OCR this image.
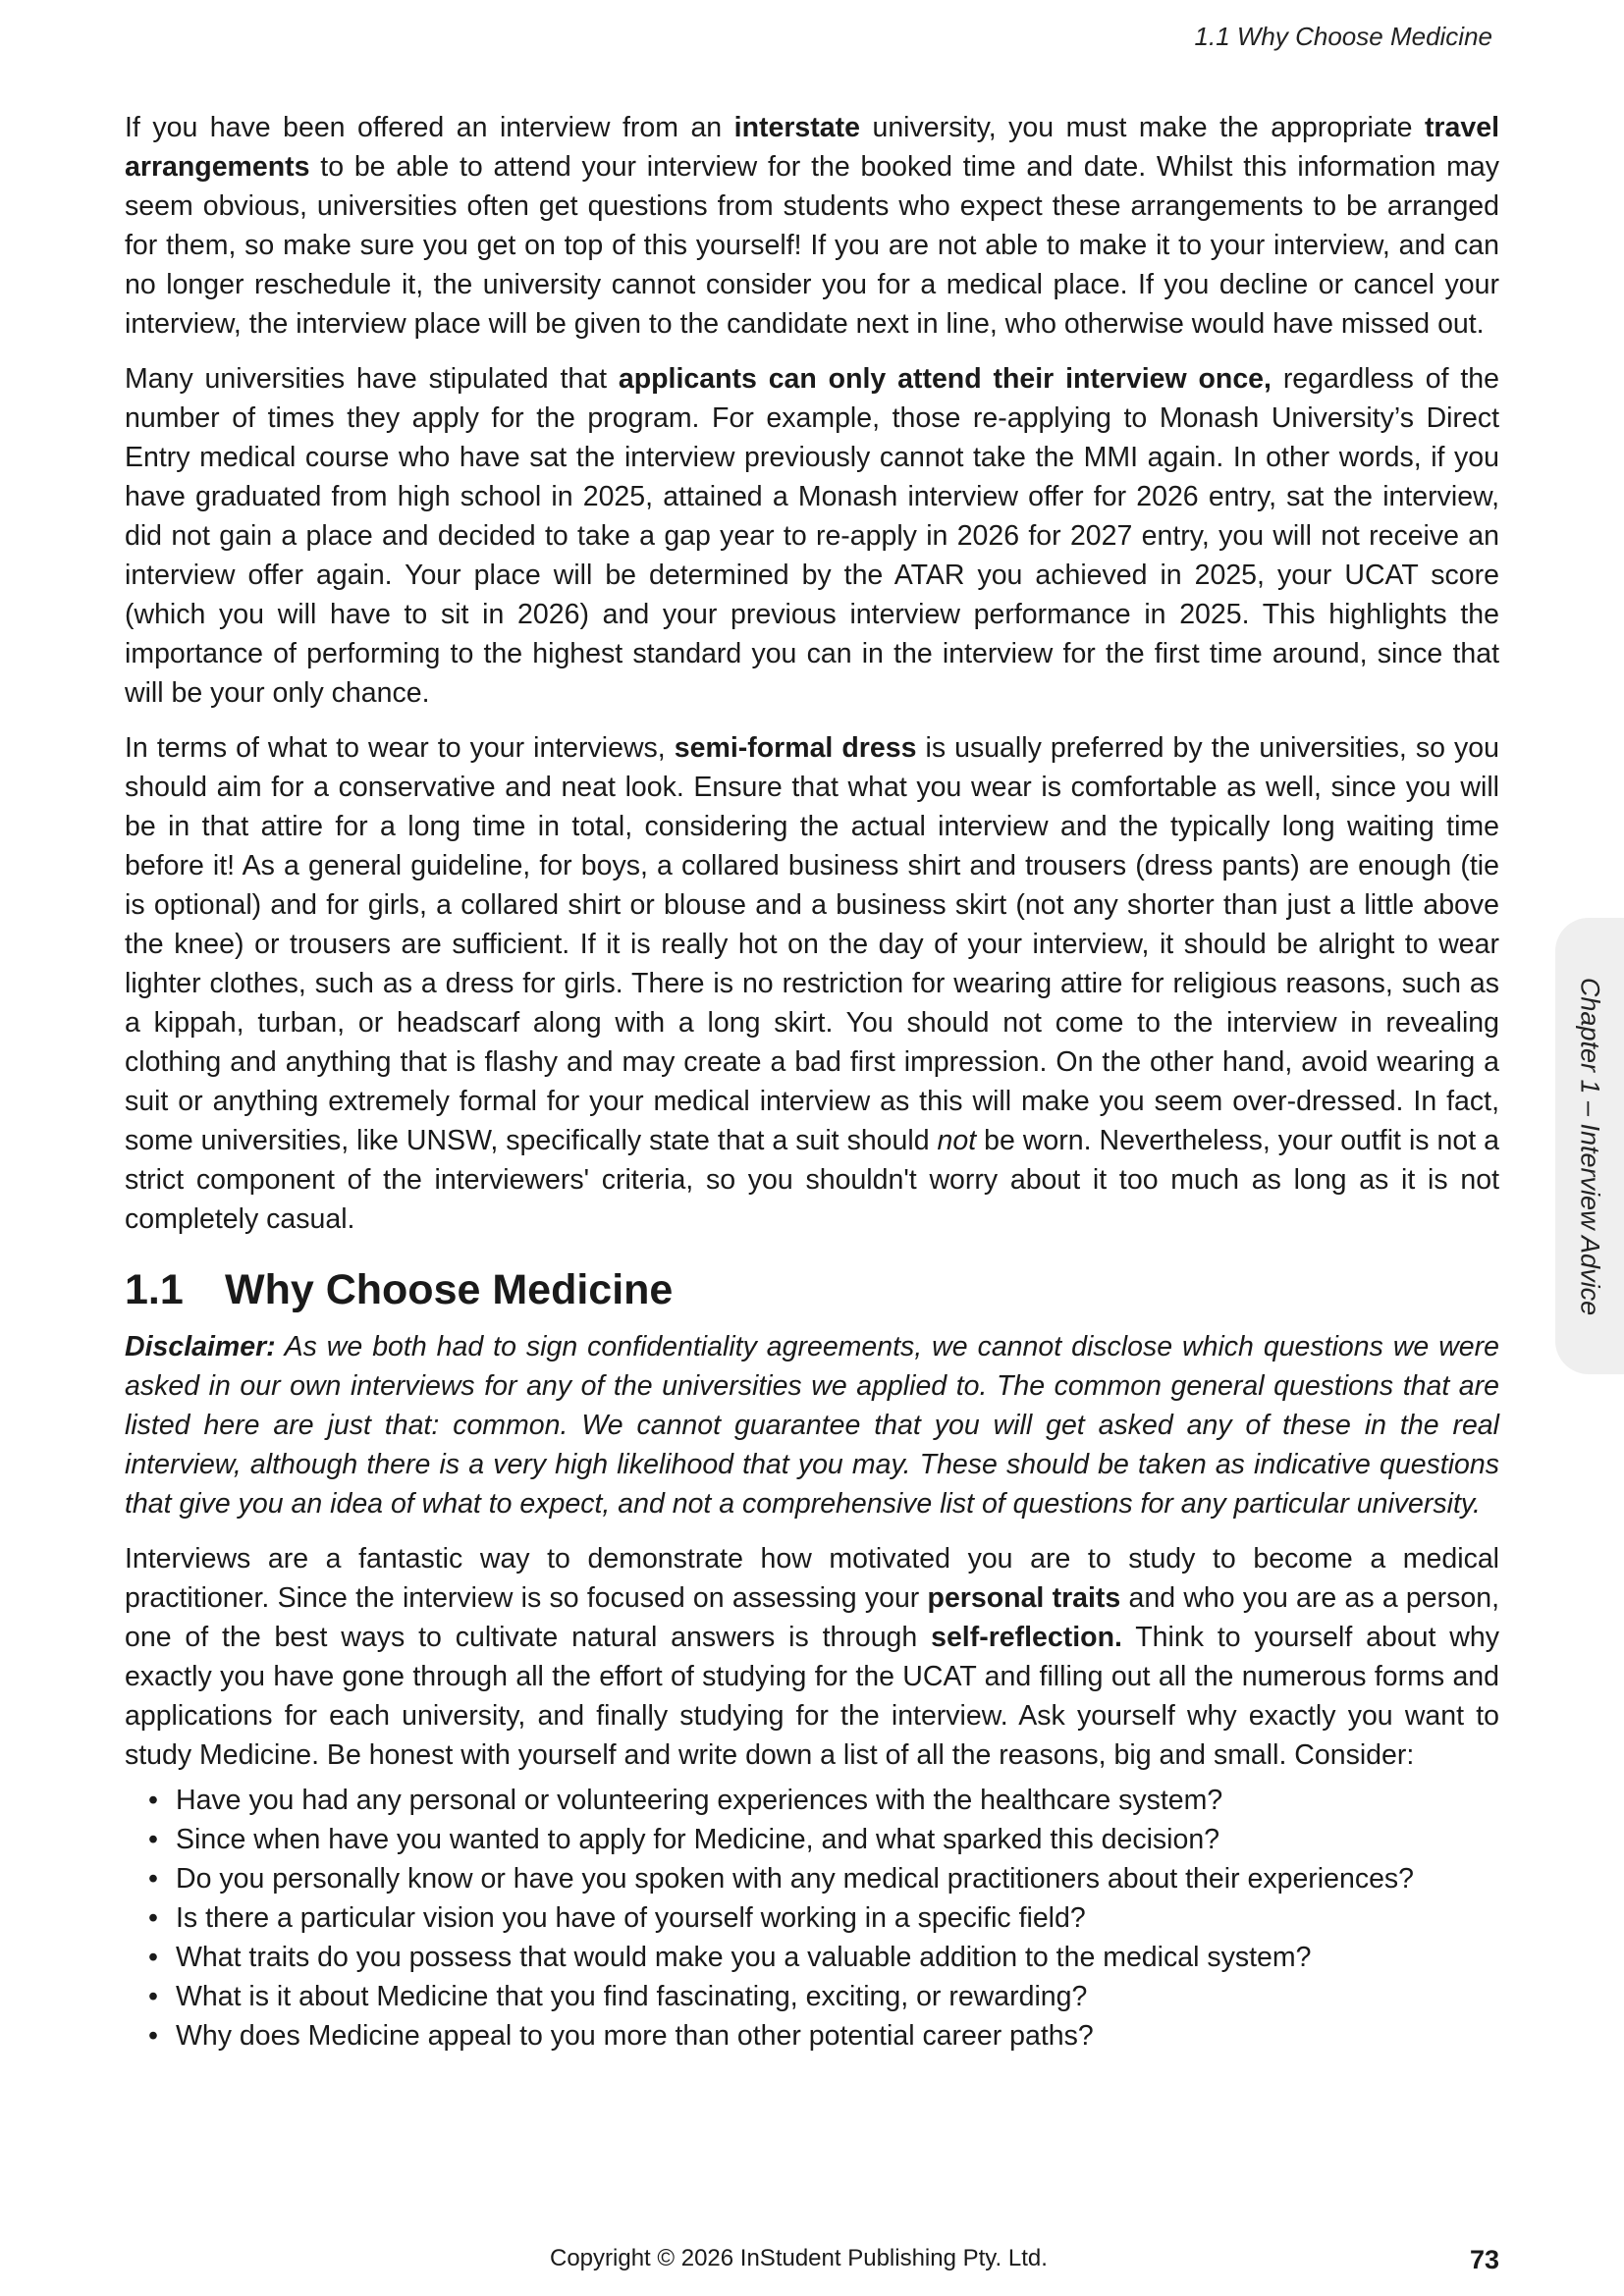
1.1 Why Choose Medicine

If you have been offered an interview from an interstate university, you must make the appropriate travel arrangements to be able to attend your interview for the booked time and date. Whilst this information may seem obvious, universities often get questions from students who expect these arrangements to be arranged for them, so make sure you get on top of this yourself! If you are not able to make it to your interview, and can no longer reschedule it, the university cannot consider you for a medical place. If you decline or cancel your interview, the interview place will be given to the candidate next in line, who otherwise would have missed out.

Many universities have stipulated that applicants can only attend their interview once, regardless of the number of times they apply for the program. For example, those re-applying to Monash University’s Direct Entry medical course who have sat the interview previously cannot take the MMI again. In other words, if you have graduated from high school in 2025, attained a Monash interview offer for 2026 entry, sat the interview, did not gain a place and decided to take a gap year to re-apply in 2026 for 2027 entry, you will not receive an interview offer again. Your place will be determined by the ATAR you achieved in 2025, your UCAT score (which you will have to sit in 2026) and your previous interview performance in 2025. This highlights the importance of performing to the highest standard you can in the interview for the first time around, since that will be your only chance.

In terms of what to wear to your interviews, semi-formal dress is usually preferred by the universities, so you should aim for a conservative and neat look. Ensure that what you wear is comfortable as well, since you will be in that attire for a long time in total, considering the actual interview and the typically long waiting time before it! As a general guideline, for boys, a collared business shirt and trousers (dress pants) are enough (tie is optional) and for girls, a collared shirt or blouse and a business skirt (not any shorter than just a little above the knee) or trousers are sufficient. If it is really hot on the day of your interview, it should be alright to wear lighter clothes, such as a dress for girls. There is no restriction for wearing attire for religious reasons, such as a kippah, turban, or headscarf along with a long skirt. You should not come to the interview in revealing clothing and anything that is flashy and may create a bad first impression. On the other hand, avoid wearing a suit or anything extremely formal for your medical interview as this will make you seem over-dressed. In fact, some universities, like UNSW, specifically state that a suit should not be worn. Nevertheless, your outfit is not a strict component of the interviewers' criteria, so you shouldn't worry about it too much as long as it is not completely casual.

1.1 Why Choose Medicine

Disclaimer: As we both had to sign confidentiality agreements, we cannot disclose which questions we were asked in our own interviews for any of the universities we applied to. The common general questions that are listed here are just that: common. We cannot guarantee that you will get asked any of these in the real interview, although there is a very high likelihood that you may. These should be taken as indicative questions that give you an idea of what to expect, and not a comprehensive list of questions for any particular university.

Interviews are a fantastic way to demonstrate how motivated you are to study to become a medical practitioner. Since the interview is so focused on assessing your personal traits and who you are as a person, one of the best ways to cultivate natural answers is through self-reflection. Think to yourself about why exactly you have gone through all the effort of studying for the UCAT and filling out all the numerous forms and applications for each university, and finally studying for the interview. Ask yourself why exactly you want to study Medicine. Be honest with yourself and write down a list of all the reasons, big and small. Consider:

• Have you had any personal or volunteering experiences with the healthcare system?
• Since when have you wanted to apply for Medicine, and what sparked this decision?
• Do you personally know or have you spoken with any medical practitioners about their experiences?
• Is there a particular vision you have of yourself working in a specific field?
• What traits do you possess that would make you a valuable addition to the medical system?
• What is it about Medicine that you find fascinating, exciting, or rewarding?
• Why does Medicine appeal to you more than other potential career paths?
Chapter 1 – Interview Advice
Copyright © 2026 InStudent Publishing Pty. Ltd.	73
